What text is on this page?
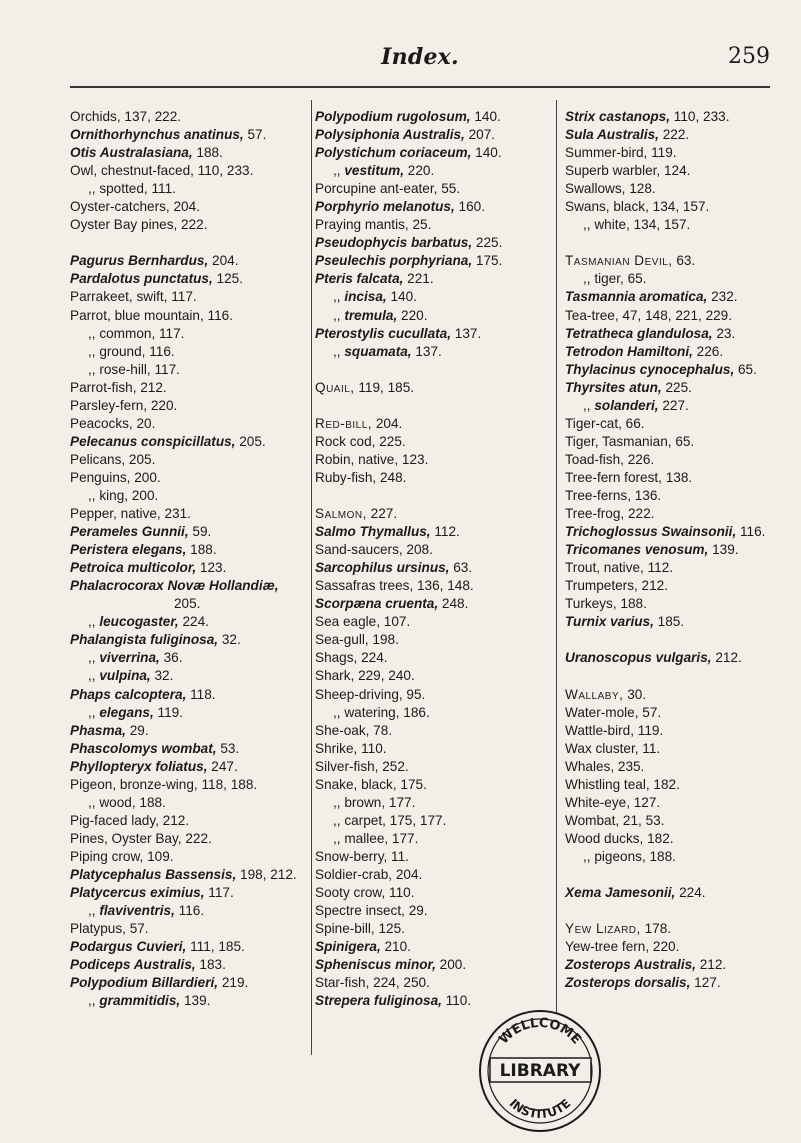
Index.	259
Orchids, 137, 222.
Ornithorhynchus anatinus, 57.
Otis Australasiana, 188.
Owl, chestnut-faced, 110, 233.
,, spotted, 111.
Oyster-catchers, 204.
Oyster Bay pines, 222.
Pagurus Bernhardus, 204.
Pardalotus punctatus, 125.
Parrakeet, swift, 117.
Parrot, blue mountain, 116.
,, common, 117.
,, ground, 116.
,, rose-hill, 117.
Parrot-fish, 212.
Parsley-fern, 220.
Peacocks, 20.
Pelecanus conspicillatus, 205.
Pelicans, 205.
Penguins, 200.
,, king, 200.
Pepper, native, 231.
Perameles Gunnii, 59.
Peristera elegans, 188.
Petroica multicolor, 123.
Phalacrocorax Novæ Hollandiæ,
205.
,, leucogaster, 224.
Phalangista fuliginosa, 32.
,, viverrina, 36.
,, vulpina, 32.
Phaps calcoptera, 118.
,, elegans, 119.
Phasma, 29.
Phascolomys wombat, 53.
Phyllopteryx foliatus, 247.
Pigeon, bronze-wing, 118, 188.
,, wood, 188.
Pig-faced lady, 212.
Pines, Oyster Bay, 222.
Piping crow, 109.
Platycephalus Bassensis, 198, 212.
Platycercus eximius, 117.
,, flaviventris, 116.
Platypus, 57.
Podargus Cuvieri, 111, 185.
Podiceps Australis, 183.
Polypodium Billardieri, 219.
,, grammitidis, 139.
Polypodium rugolosum, 140.
Polysiphonia Australis, 207.
Polystichum coriaceum, 140.
,, vestitum, 220.
Porcupine ant-eater, 55.
Porphyrio melanotus, 160.
Praying mantis, 25.
Pseudophycis barbatus, 225.
Pseulechis porphyriana, 175.
Pteris falcata, 221.
,, incisa, 140.
,, tremula, 220.
Pterostylis cucullata, 137.
,, squamata, 137.
Quail, 119, 185.
Red-bill, 204.
Rock cod, 225.
Robin, native, 123.
Ruby-fish, 248.
Salmon, 227.
Salmo Thymallus, 112.
Sand-saucers, 208.
Sarcophilus ursinus, 63.
Sassafras trees, 136, 148.
Scorpæna cruenta, 248.
Sea eagle, 107.
Sea-gull, 198.
Shags, 224.
Shark, 229, 240.
Sheep-driving, 95.
,, watering, 186.
She-oak, 78.
Shrike, 110.
Silver-fish, 252.
Snake, black, 175.
,, brown, 177.
,, carpet, 175, 177.
,, mallee, 177.
Snow-berry, 11.
Soldier-crab, 204.
Sooty crow, 110.
Spectre insect, 29.
Spine-bill, 125.
Spinigera, 210.
Spheniscus minor, 200.
Star-fish, 224, 250.
Strepera fuliginosa, 110.
Strix castanops, 110, 233.
Sula Australis, 222.
Summer-bird, 119.
Superb warbler, 124.
Swallows, 128.
Swans, black, 134, 157.
,, white, 134, 157.
Tasmanian Devil, 63.
,, tiger, 65.
Tasmannia aromatica, 232.
Tea-tree, 47, 148, 221, 229.
Tetratheca glandulosa, 23.
Tetrodon Hamiltoni, 226.
Thylacinus cynocephalus, 65.
Thyrsites atun, 225.
,, solanderi, 227.
Tiger-cat, 66.
Tiger, Tasmanian, 65.
Toad-fish, 226.
Tree-fern forest, 138.
Tree-ferns, 136.
Tree-frog, 222.
Trichoglossus Swainsonii, 116.
Tricomanes venosum, 139.
Trout, native, 112.
Trumpeters, 212.
Turkeys, 188.
Turnix varius, 185.
Uranoscopus vulgaris, 212.
Wallaby, 30.
Water-mole, 57.
Wattle-bird, 119.
Wax cluster, 11.
Whales, 235.
Whistling teal, 182.
White-eye, 127.
Wombat, 21, 53.
Wood ducks, 182.
,, pigeons, 188.
Xema Jamesonii, 224.
Yew Lizard, 178.
Yew-tree fern, 220.
Zosterops Australis, 212.
Zosterops dorsalis, 127.
WELLCOME
LIBRARY
INSTITUTE
